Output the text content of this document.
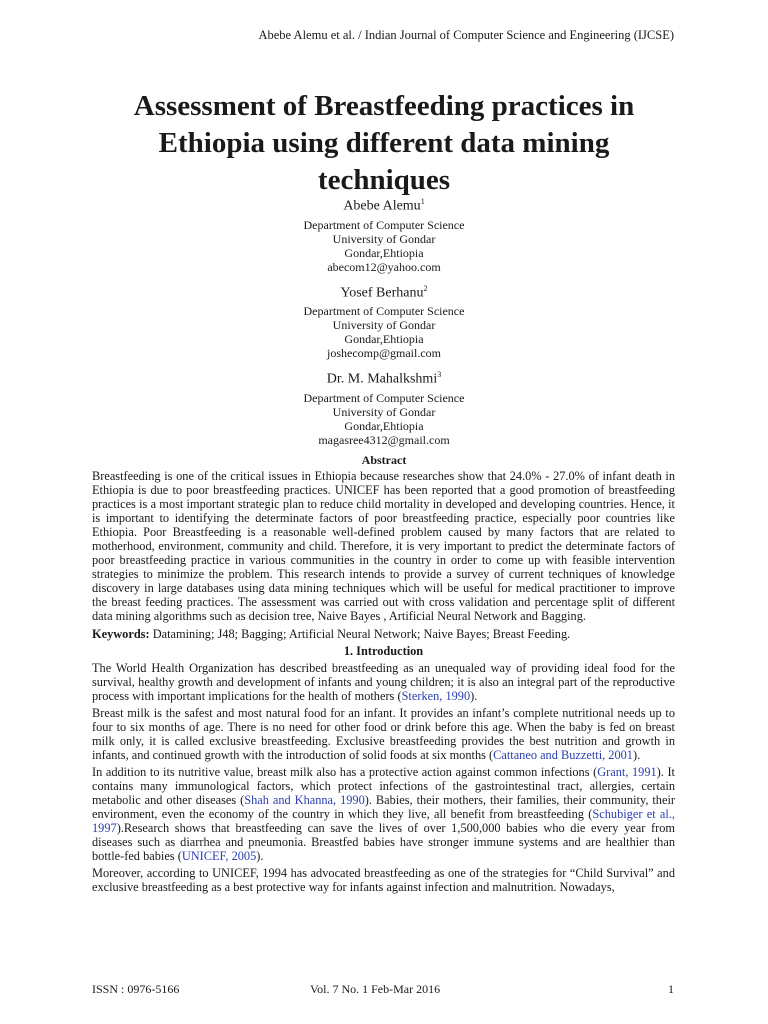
Abebe Alemu et al. / Indian Journal of Computer Science and Engineering (IJCSE)
Assessment of Breastfeeding practices in Ethiopia using different data mining techniques

Abebe Alemu$^1$

Department of Computer Science
University of Gondar
Gondar,Ehtiopia
abecom12@yahoo.com

Yosef Berhanu$^2$

Department of Computer Science
University of Gondar
Gondar,Ehtiopia
joshecomp@gmail.com

Dr. M. Mahalkshmi$^3$

Department of Computer Science
University of Gondar
Gondar,Ehtiopia
magasree4312@gmail.com
Abstract

Breastfeeding is one of the critical issues in Ethiopia because researches show that 24.0% - 27.0% of infant death in Ethiopia is due to poor breastfeeding practices. UNICEF has been reported that a good promotion of breastfeeding practices is a most important strategic plan to reduce child mortality in developed and developing countries. Hence, it is important to identifying the determinate factors of poor breastfeeding practice, especially poor countries like Ethiopia. Poor Breastfeeding is a reasonable well-defined problem caused by many factors that are related to motherhood, environment, community and child. Therefore, it is very important to predict the determinate factors of poor breastfeeding practice in various communities in the country in order to come up with feasible intervention strategies to minimize the problem. This research intends to provide a survey of current techniques of knowledge discovery in large databases using data mining techniques which will be useful for medical practitioner to improve the breast feeding practices. The assessment was carried out with cross validation and percentage split of different data mining algorithms such as decision tree, Naive Bayes , Artificial Neural Network and Bagging.

Keywords: Datamining; J48; Bagging; Artificial Neural Network; Naive Bayes; Breast Feeding.

1. Introduction

The World Health Organization has described breastfeeding as an unequaled way of providing ideal food for the survival, healthy growth and development of infants and young children; it is also an integral part of the reproductive process with important implications for the health of mothers (Sterken, 1990).

Breast milk is the safest and most natural food for an infant. It provides an infant’s complete nutritional needs up to four to six months of age. There is no need for other food or drink before this age. When the baby is fed on breast milk only, it is called exclusive breastfeeding. Exclusive breastfeeding provides the best nutrition and growth in infants, and continued growth with the introduction of solid foods at six months (Cattaneo and Buzzetti, 2001).

In addition to its nutritive value, breast milk also has a protective action against common infections (Grant, 1991). It contains many immunological factors, which protect infections of the gastrointestinal tract, allergies, certain metabolic and other diseases (Shah and Khanna, 1990). Babies, their mothers, their families, their community, their environment, even the economy of the country in which they live, all benefit from breastfeeding (Schubiger et al., 1997).Research shows that breastfeeding can save the lives of over 1,500,000 babies who die every year from diseases such as diarrhea and pneumonia. Breastfed babies have stronger immune systems and are healthier than bottle-fed babies (UNICEF, 2005).

Moreover, according to UNICEF, 1994 has advocated breastfeeding as one of the strategies for “Child Survival” and exclusive breastfeeding as a best protective way for infants against infection and malnutrition. Nowadays,

ISSN : 0976-5166	Vol. 7 No. 1 Feb-Mar 2016	1
